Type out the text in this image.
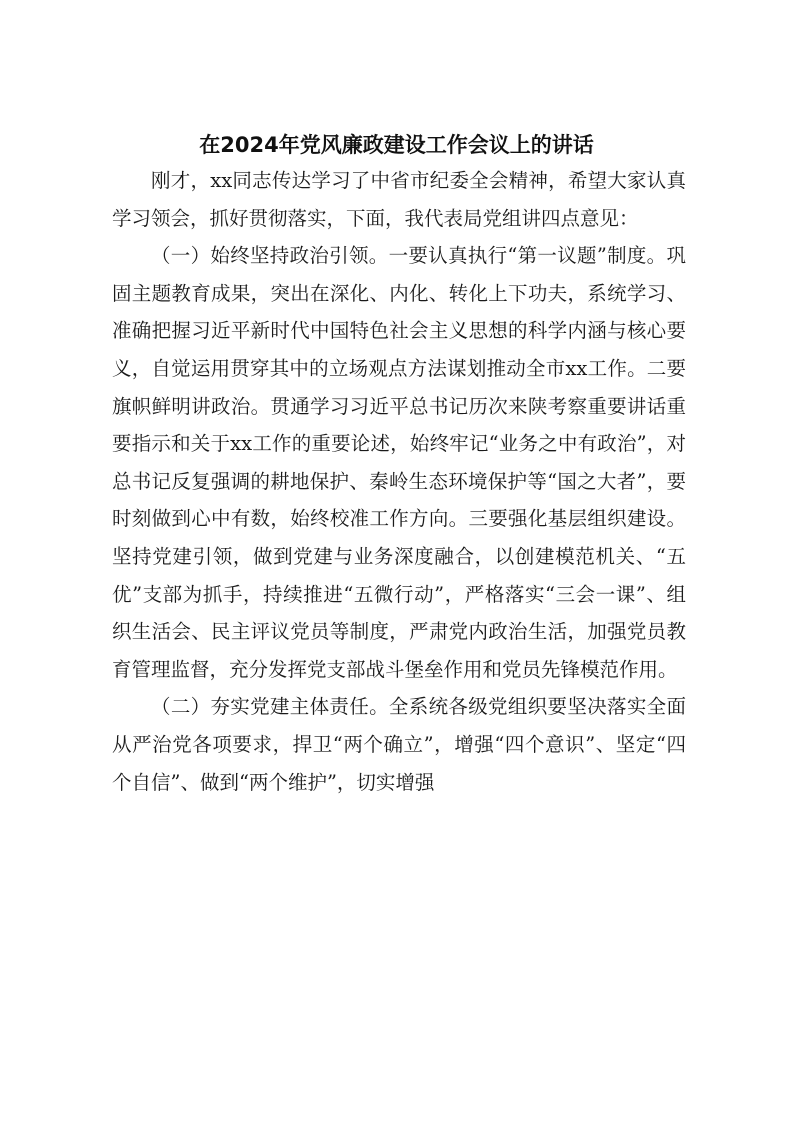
在2024年党风廉政建设工作会议上的讲话

刚才，xx同志传达学习了中省市纪委全会精神，希望大家认真学习领会，抓好贯彻落实，下面，我代表局党组讲四点意见：

（一）始终坚持政治引领。一要认真执行“第一议题”制度。巩固主题教育成果，突出在深化、内化、转化上下功夫，系统学习、准确把握习近平新时代中国特色社会主义思想的科学内涵与核心要义，自觉运用贯穿其中的立场观点方法谋划推动全市xx工作。二要旗帜鲜明讲政治。贯通学习习近平总书记历次来陕考察重要讲话重要指示和关于xx工作的重要论述，始终牢记“业务之中有政治”，对总书记反复强调的耕地保护、秦岭生态环境保护等“国之大者”，要时刻做到心中有数，始终校准工作方向。三要强化基层组织建设。坚持党建引领，做到党建与业务深度融合，以创建模范机关、“五优”支部为抓手，持续推进“五微行动”，严格落实“三会一课”、组织生活会、民主评议党员等制度，严肃党内政治生活，加强党员教育管理监督，充分发挥党支部战斗堡垒作用和党员先锋模范作用。

（二）夯实党建主体责任。全系统各级党组织要坚决落实全面从严治党各项要求，捍卫“两个确立”，增强“四个意识”、坚定“四个自信”、做到“两个维护”，切实增强
